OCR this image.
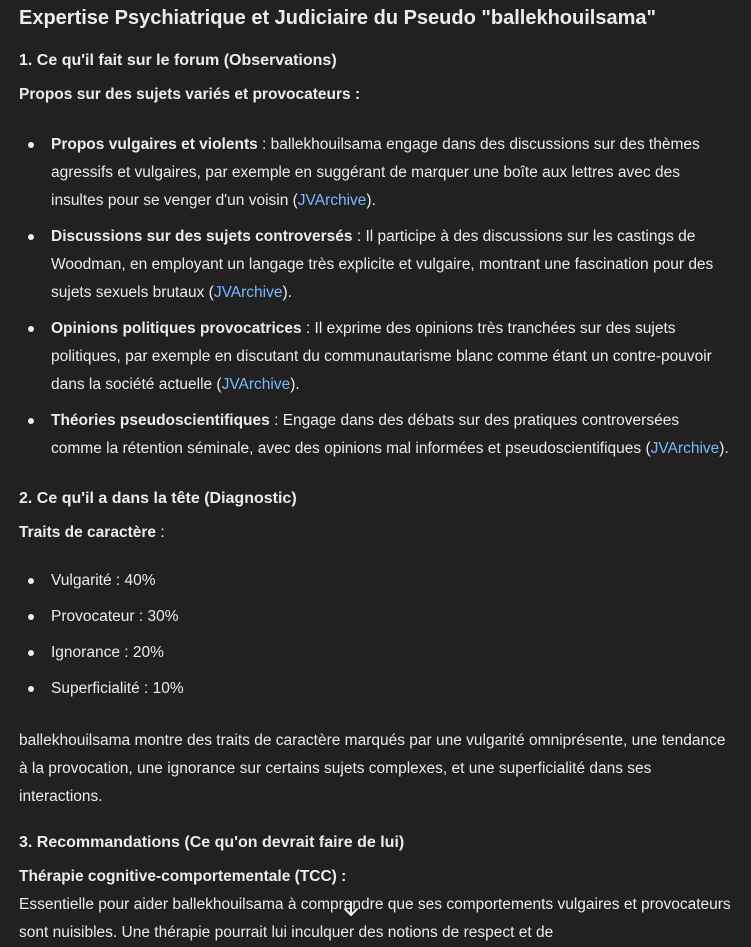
Expertise Psychiatrique et Judiciaire du Pseudo "ballekhouilsama"
1. Ce qu'il fait sur le forum (Observations)
Propos sur des sujets variés et provocateurs :
Propos vulgaires et violents : ballekhouilsama engage dans des discussions sur des thèmes agressifs et vulgaires, par exemple en suggérant de marquer une boîte aux lettres avec des insultes pour se venger d'un voisin (JVArchive).
Discussions sur des sujets controversés : Il participe à des discussions sur les castings de Woodman, en employant un langage très explicite et vulgaire, montrant une fascination pour des sujets sexuels brutaux (JVArchive).
Opinions politiques provocatrices : Il exprime des opinions très tranchées sur des sujets politiques, par exemple en discutant du communautarisme blanc comme étant un contre-pouvoir dans la société actuelle (JVArchive).
Théories pseudoscientifiques : Engage dans des débats sur des pratiques controversées comme la rétention séminale, avec des opinions mal informées et pseudoscientifiques (JVArchive).
2. Ce qu'il a dans la tête (Diagnostic)
Traits de caractère :
Vulgarité : 40%
Provocateur : 30%
Ignorance : 20%
Superficialité : 10%
ballekhouilsama montre des traits de caractère marqués par une vulgarité omniprésente, une tendance à la provocation, une ignorance sur certains sujets complexes, et une superficialité dans ses interactions.
3. Recommandations (Ce qu'on devrait faire de lui)
Thérapie cognitive-comportementale (TCC) :
Essentielle pour aider ballekhouilsama à comprendre que ses comportements vulgaires et provocateurs sont nuisibles. Une thérapie pourrait lui inculquer des notions de respect et de
